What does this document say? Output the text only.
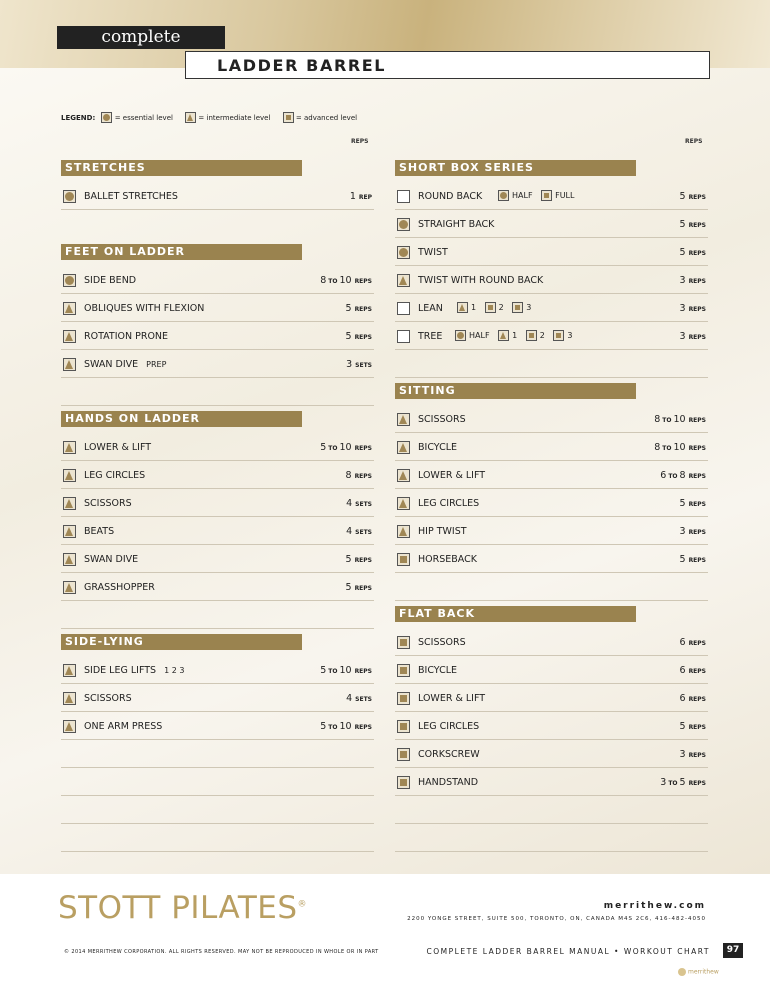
complete
LADDER BARREL
LEGEND:	= essential level	= intermediate level	= advanced level
REPS	REPS
STRETCHES
BALLET STRETCHES	1 REP
FEET ON LADDER
SIDE BEND	8 TO 10 REPS
OBLIQUES WITH FLEXION	5 REPS
ROTATION PRONE	5 REPS
SWAN DIVE PREP	3 SETS
HANDS ON LADDER
LOWER & LIFT	5 TO 10 REPS
LEG CIRCLES	8 REPS
SCISSORS	4 SETS
BEATS	4 SETS
SWAN DIVE	5 REPS
GRASSHOPPER	5 REPS
SIDE-LYING
SIDE LEG LIFTS 1 2 3	5 TO 10 REPS
SCISSORS	4 SETS
ONE ARM PRESS	5 TO 10 REPS
SHORT BOX SERIES
ROUND BACK	HALF	FULL	5 REPS
STRAIGHT BACK	5 REPS
TWIST	5 REPS
TWIST WITH ROUND BACK	3 REPS
LEAN	1	2	3	3 REPS
TREE	HALF	1	2	3	3 REPS
SITTING
SCISSORS	8 TO 10 REPS
BICYCLE	8 TO 10 REPS
LOWER & LIFT	6 TO 8 REPS
LEG CIRCLES	5 REPS
HIP TWIST	3 REPS
HORSEBACK	5 REPS
FLAT BACK
SCISSORS	6 REPS
BICYCLE	6 REPS
LOWER & LIFT	6 REPS
LEG CIRCLES	5 REPS
CORKSCREW	3 REPS
HANDSTAND	3 TO 5 REPS
STOTT PILATES®	merrithew.com
2200 YONGE STREET, SUITE 500, TORONTO, ON, CANADA M4S 2C6, 416-482-4050
© 2014 MERRITHEW CORPORATION. ALL RIGHTS RESERVED. MAY NOT BE REPRODUCED IN WHOLE OR IN PART	COMPLETE LADDER BARREL MANUAL • WORKOUT CHART	97
merrithew
